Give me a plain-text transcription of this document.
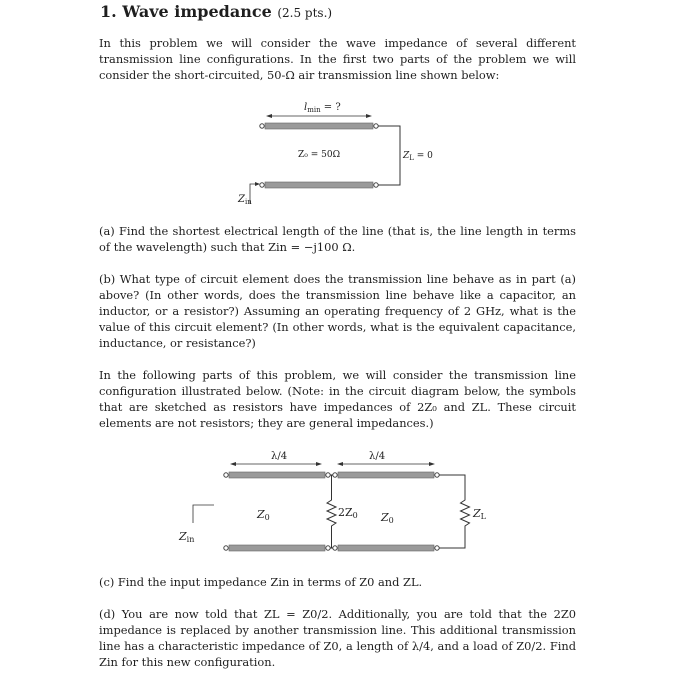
1. Wave impedance (2.5 pts.)

In this problem we will consider the wave impedance of several different transmission line configurations. In the first two parts of the problem we will consider the short-circuited, 50-Ω air transmission line shown below:

$l_{min}$ = ?
Z₀ = 50Ω	$Z_L = 0$
$Z_{in}$

(a) Find the shortest electrical length of the line (that is, the line length in terms of the wavelength) such that Zin = −j100 Ω.

(b) What type of circuit element does the transmission line behave as in part (a) above? (In other words, does the transmission line behave like a capacitor, an inductor, or a resistor?) Assuming an operating frequency of 2 GHz, what is the value of this circuit element? (In other words, what is the equivalent capacitance, inductance, or resistance?)

In the following parts of this problem, we will consider the transmission line configuration illustrated below. (Note: in the circuit diagram below, the symbols that are sketched as resistors have impedances of 2Z₀ and ZL. These circuit elements are not resistors; they are general impedances.)

λ/4	λ/4
2Z0	ZL
Z0	Z0
Zin

(c) Find the input impedance Zin in terms of Z0 and ZL.

(d) You are now told that ZL = Z0/2. Additionally, you are told that the 2Z0 impedance is replaced by another transmission line. This additional transmission line has a characteristic impedance of Z0, a length of λ/4, and a load of Z0/2. Find Zin for this new configuration.
